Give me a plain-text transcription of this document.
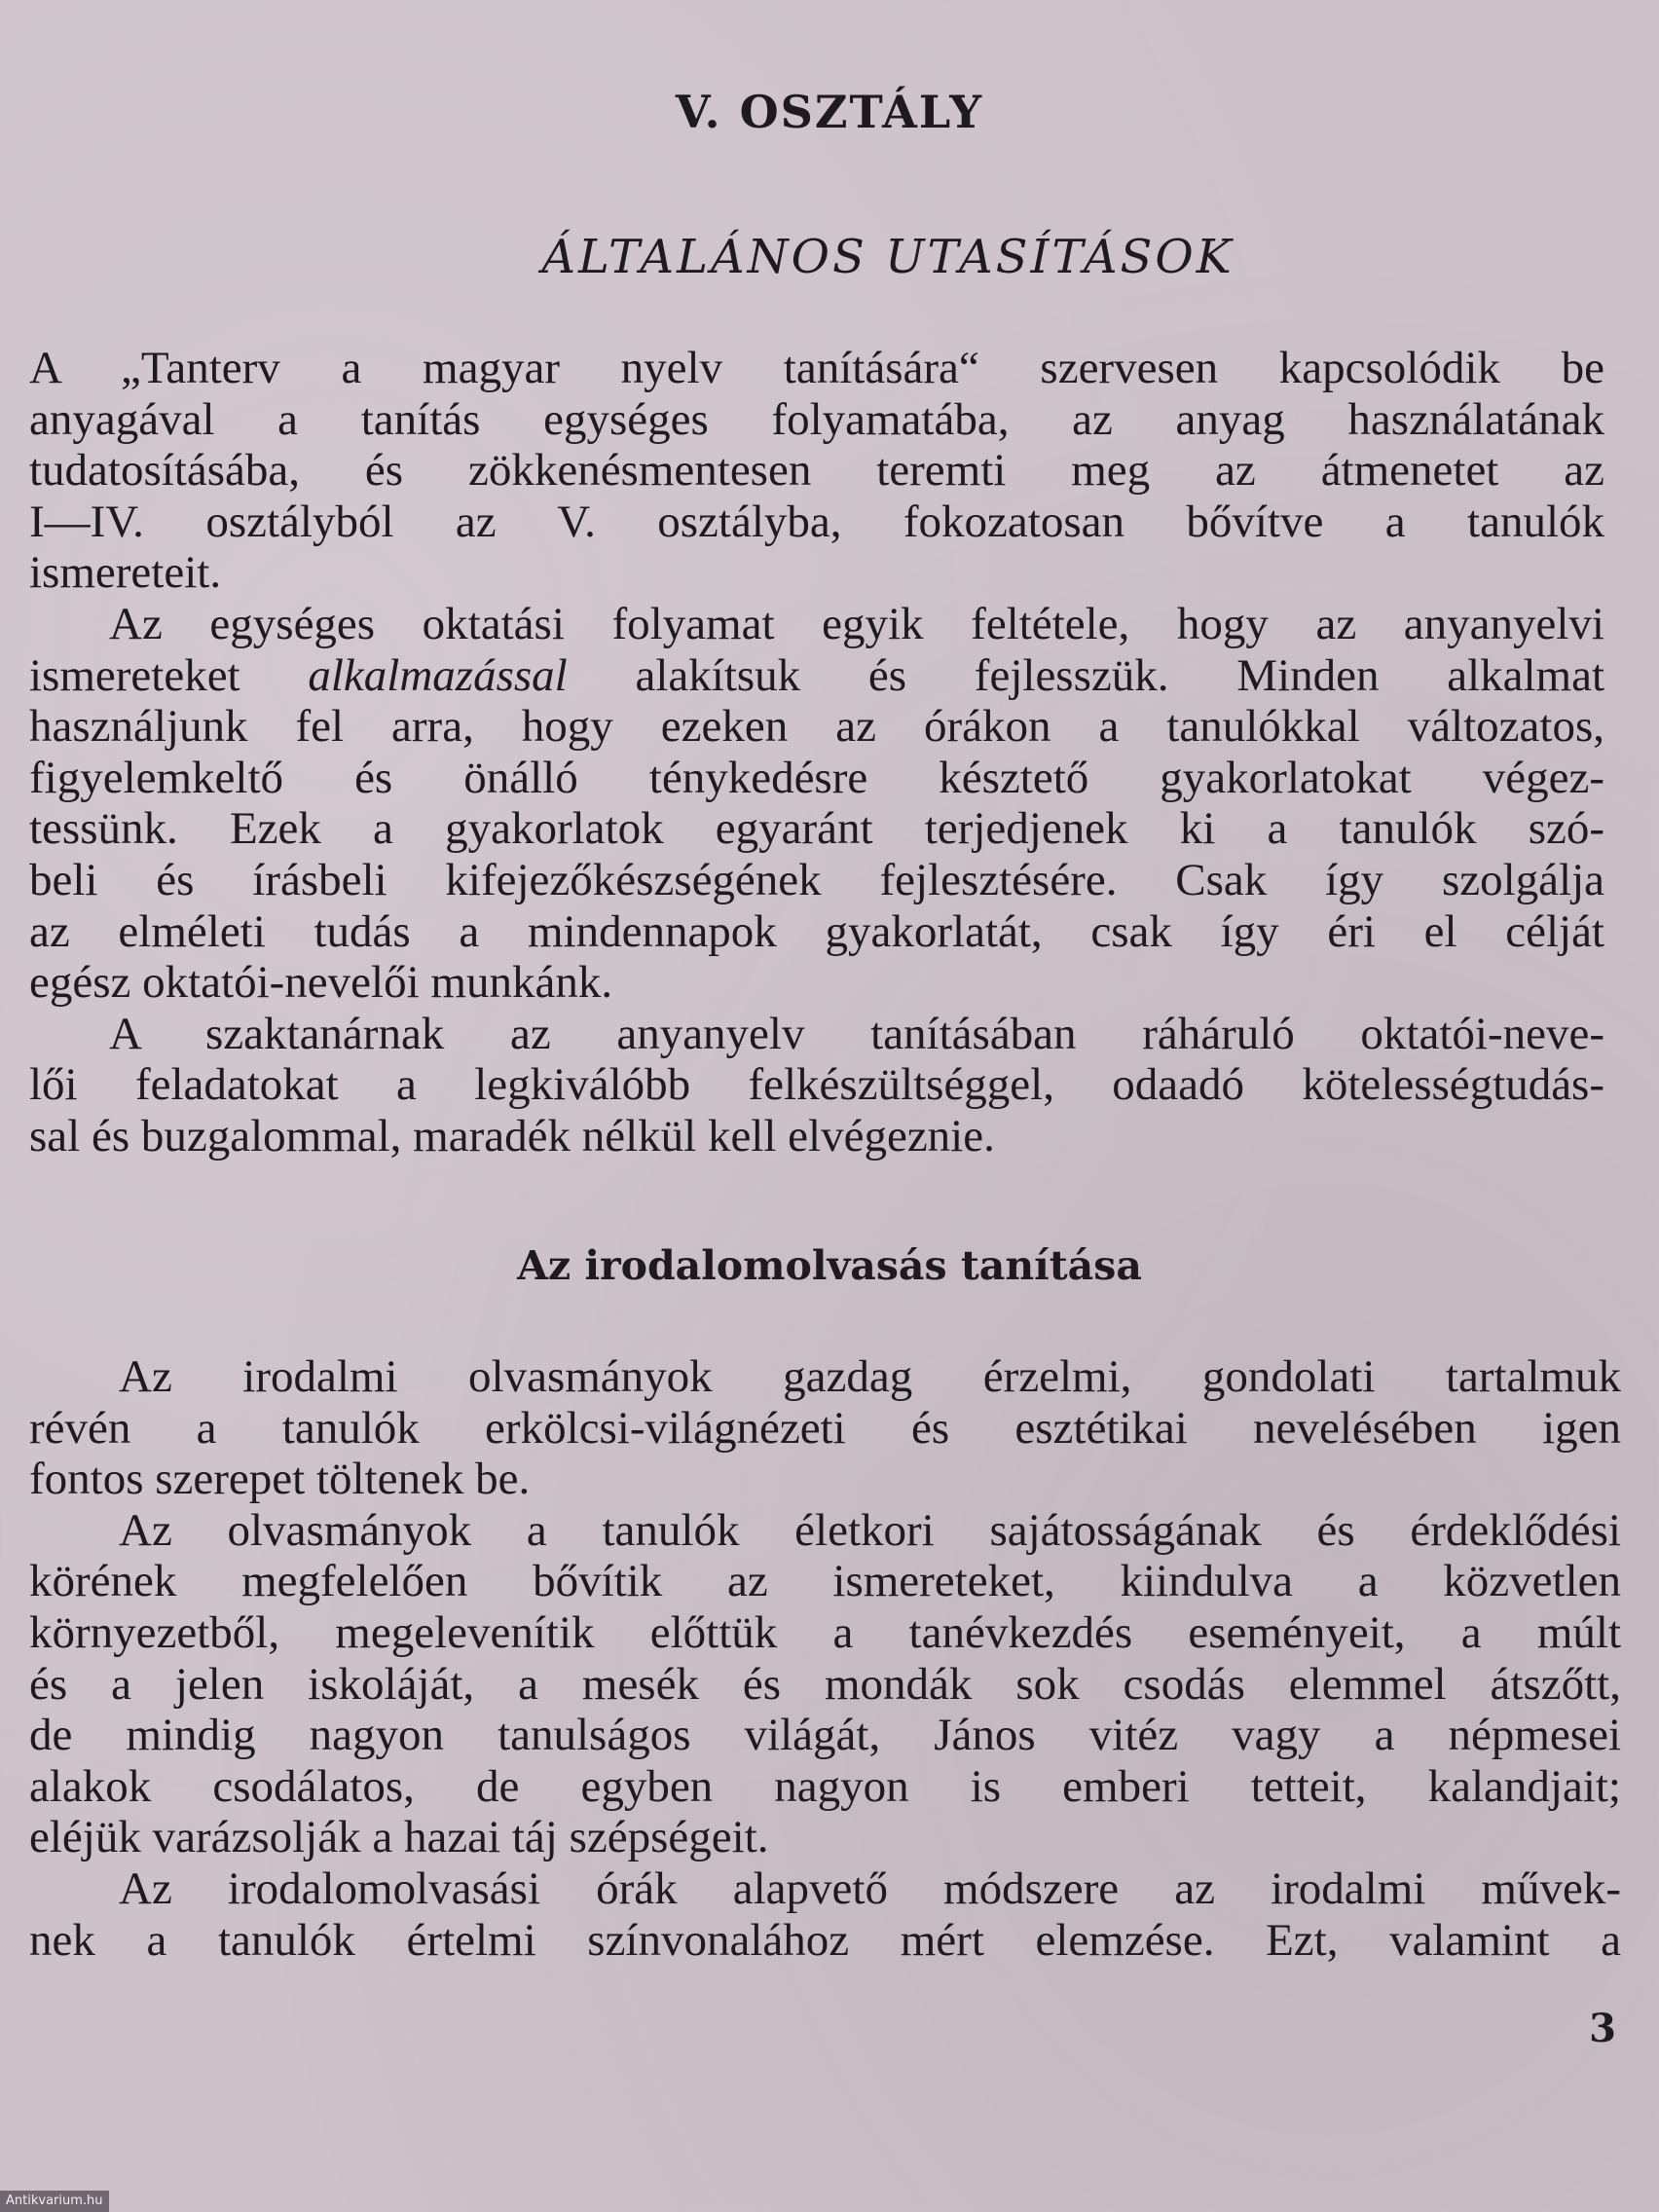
V. OSZTÁLY
ÁLTALÁNOS UTASÍTÁSOK
A „Tanterv a magyar nyelv tanítására“ szervesen kapcsolódik be
anyagával a tanítás egységes folyamatába, az anyag használatának
tudatosításába, és zökkenésmentesen teremti meg az átmenetet az
I—IV. osztályból az V. osztályba, fokozatosan bővítve a tanulók
ismereteit.
Az egységes oktatási folyamat egyik feltétele, hogy az anyanyelvi
ismereteket alkalmazással alakítsuk és fejlesszük. Minden alkalmat
használjunk fel arra, hogy ezeken az órákon a tanulókkal változatos,
figyelemkeltő és önálló ténykedésre késztető gyakorlatokat végez-
tessünk. Ezek a gyakorlatok egyaránt terjedjenek ki a tanulók szó-
beli és írásbeli kifejezőkészségének fejlesztésére. Csak így szolgálja
az elméleti tudás a mindennapok gyakorlatát, csak így éri el célját
egész oktatói-nevelői munkánk.
A szaktanárnak az anyanyelv tanításában ráháruló oktatói-neve-
lői feladatokat a legkiválóbb felkészültséggel, odaadó kötelességtudás-
sal és buzgalommal, maradék nélkül kell elvégeznie.
Az irodalomolvasás tanítása
Az irodalmi olvasmányok gazdag érzelmi, gondolati tartalmuk
révén a tanulók erkölcsi-világnézeti és esztétikai nevelésében igen
fontos szerepet töltenek be.
Az olvasmányok a tanulók életkori sajátosságának és érdeklődési
körének megfelelően bővítik az ismereteket, kiindulva a közvetlen
környezetből, megelevenítik előttük a tanévkezdés eseményeit, a múlt
és a jelen iskoláját, a mesék és mondák sok csodás elemmel átszőtt,
de mindig nagyon tanulságos világát, János vitéz vagy a népmesei
alakok csodálatos, de egyben nagyon is emberi tetteit, kalandjait;
eléjük varázsolják a hazai táj szépségeit.
Az irodalomolvasási órák alapvető módszere az irodalmi művek-
nek a tanulók értelmi színvonalához mért elemzése. Ezt, valamint a
3
Antikvarium.hu
